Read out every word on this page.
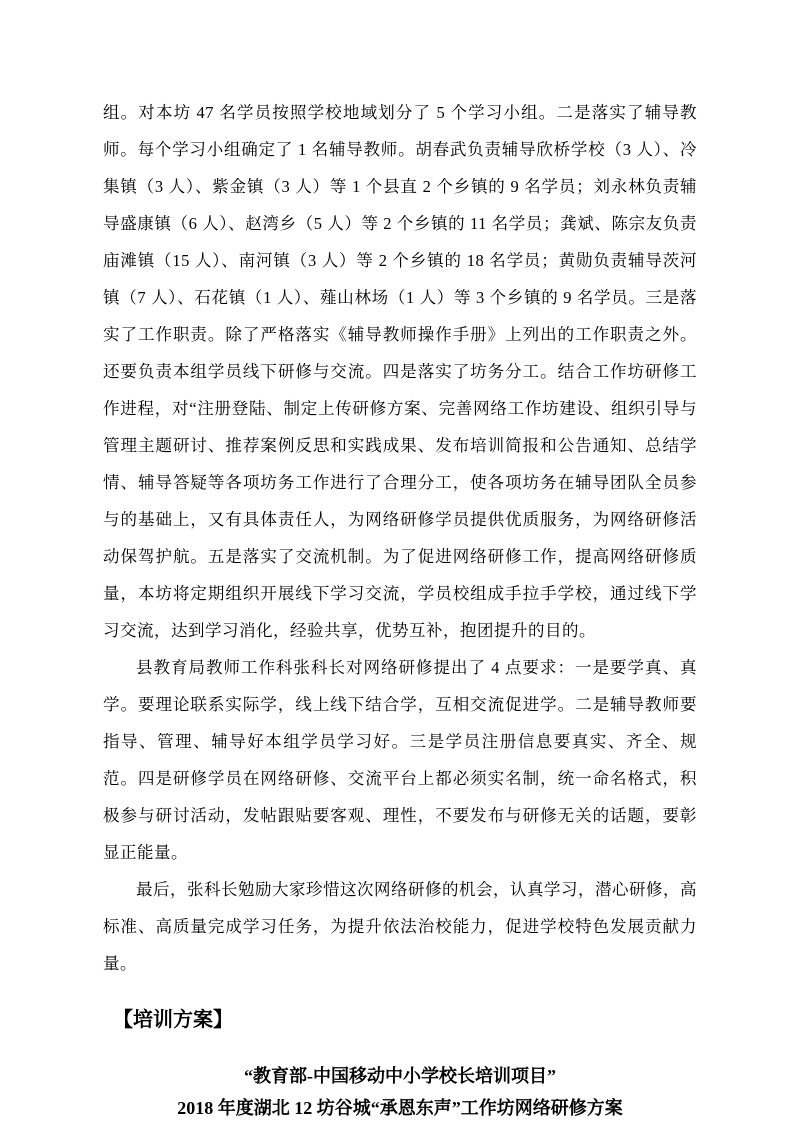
组。对本坊 47 名学员按照学校地域划分了 5 个学习小组。二是落实了辅导教师。每个学习小组确定了 1 名辅导教师。胡春武负责辅导欣桥学校（3 人）、冷集镇（3 人）、紫金镇（3 人）等 1 个县直 2 个乡镇的 9 名学员；刘永林负责辅导盛康镇（6 人）、赵湾乡（5 人）等 2 个乡镇的 11 名学员；龚斌、陈宗友负责庙滩镇（15 人）、南河镇（3 人）等 2 个乡镇的 18 名学员；黄勋负责辅导茨河镇（7 人）、石花镇（1 人）、薤山林场（1 人）等 3 个乡镇的 9 名学员。三是落实了工作职责。除了严格落实《辅导教师操作手册》上列出的工作职责之外。还要负责本组学员线下研修与交流。四是落实了坊务分工。结合工作坊研修工作进程，对“注册登陆、制定上传研修方案、完善网络工作坊建设、组织引导与管理主题研讨、推荐案例反思和实践成果、发布培训简报和公告通知、总结学情、辅导答疑等各项坊务工作进行了合理分工，使各项坊务在辅导团队全员参与的基础上，又有具体责任人，为网络研修学员提供优质服务，为网络研修活动保驾护航。五是落实了交流机制。为了促进网络研修工作，提高网络研修质量，本坊将定期组织开展线下学习交流，学员校组成手拉手学校，通过线下学习交流，达到学习消化，经验共享，优势互补，抱团提升的目的。

县教育局教师工作科张科长对网络研修提出了 4 点要求：一是要学真、真学。要理论联系实际学，线上线下结合学，互相交流促进学。二是辅导教师要指导、管理、辅导好本组学员学习好。三是学员注册信息要真实、齐全、规范。四是研修学员在网络研修、交流平台上都必须实名制，统一命名格式，积极参与研讨活动，发帖跟贴要客观、理性，不要发布与研修无关的话题，要彰显正能量。

最后，张科长勉励大家珍惜这次网络研修的机会，认真学习，潜心研修，高标准、高质量完成学习任务，为提升依法治校能力，促进学校特色发展贡献力量。

【培训方案】
“教育部-中国移动中小学校长培训项目”
2018 年度湖北 12 坊谷城“承恩东声”工作坊网络研修方案
